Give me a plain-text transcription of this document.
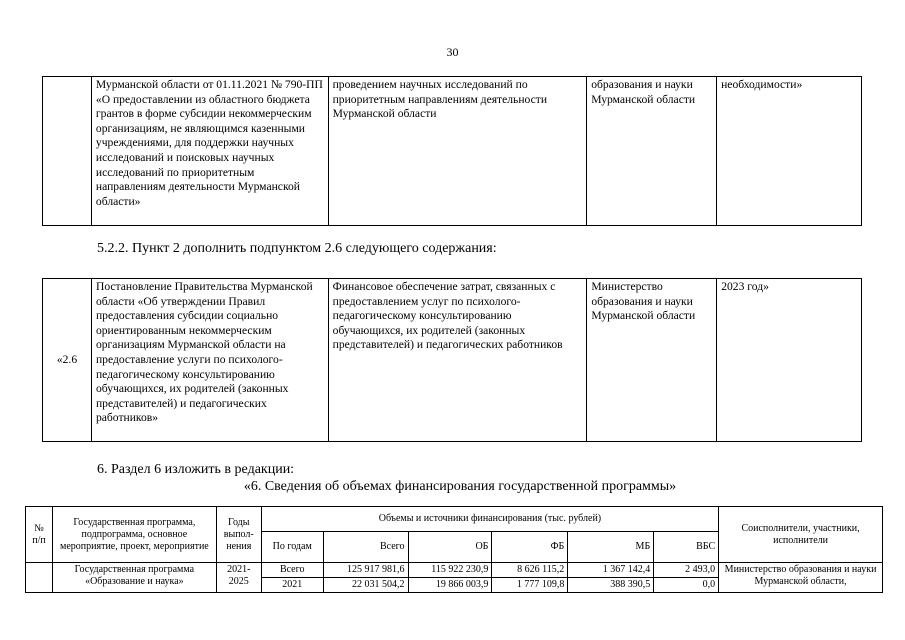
30
	Мурманской области от 01.11.2021 № 790-ПП «О предоставлении из областного бюджета грантов в форме субсидии некоммерческим организациям, не являющимся казенными учреждениями, для поддержки научных исследований и поисковых научных исследований по приоритетным направлениям деятельности Мурманской области»	проведением научных исследований по приоритетным направлениям деятельности Мурманской области	образования и науки Мурманской области	необходимости»
5.2.2. Пункт 2 дополнить подпунктом 2.6 следующего содержания:
«2.6	Постановление Правительства Мурманской области «Об утверждении Правил предоставления субсидии социально ориентированным некоммерческим организациям Мурманской области на предоставление услуги по психолого-педагогическому консультированию обучающихся, их родителей (законных представителей) и педагогических работников»	Финансовое обеспечение затрат, связанных с предоставлением услуг по психолого-педагогическому консультированию обучающихся, их родителей (законных представителей) и педагогических работников	Министерство образования и науки Мурманской области	2023 год»
6. Раздел 6 изложить в редакции:
«6. Сведения об объемах финансирования государственной программы»
№ п/п	Государственная программа, подпрограмма, основное мероприятие, проект, мероприятие	Годы выпол-нения	Объемы и источники финансирования (тыс. рублей)						Соисполнители, участники, исполнители
			По годам	Всего	ОБ	ФБ	МБ	ВБС	
	Государственная программа «Образование и наука»	2021-2025	Всего	125 917 981,6	115 922 230,9	8 626 115,2	1 367 142,4	2 493,0	Министерство образования и науки Мурманской области,
			2021	22 031 504,2	19 866 003,9	1 777 109,8	388 390,5	0,0	
